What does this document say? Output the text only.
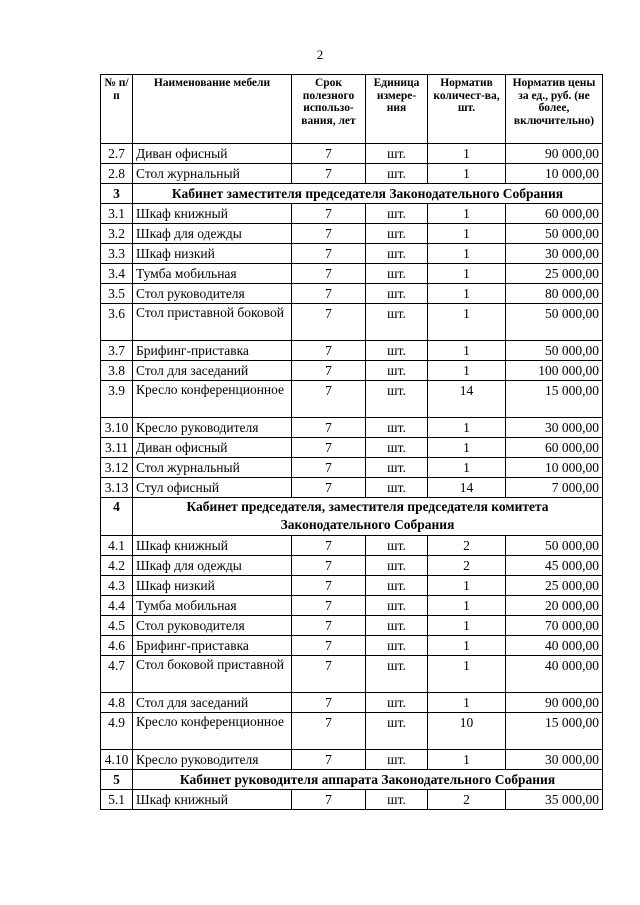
2
№ п/п	Наименование мебели	Срок полезного использо-вания, лет	Единица измере-ния	Норматив количест-ва, шт.	Норматив цены за ед., руб. (не более, включительно)
2.7	Диван офисный	7	шт.	1	90 000,00
2.8	Стол журнальный	7	шт.	1	10 000,00
3	Кабинет заместителя председателя Законодательного Собрания				
3.1	Шкаф книжный	7	шт.	1	60 000,00
3.2	Шкаф для одежды	7	шт.	1	50 000,00
3.3	Шкаф низкий	7	шт.	1	30 000,00
3.4	Тумба мобильная	7	шт.	1	25 000,00
3.5	Стол руководителя	7	шт.	1	80 000,00
3.6	Стол приставной боковой	7	шт.	1	50 000,00
3.7	Брифинг-приставка	7	шт.	1	50 000,00
3.8	Стол для заседаний	7	шт.	1	100 000,00
3.9	Кресло конференционное	7	шт.	14	15 000,00
3.10	Кресло руководителя	7	шт.	1	30 000,00
3.11	Диван офисный	7	шт.	1	60 000,00
3.12	Стол журнальный	7	шт.	1	10 000,00
3.13	Стул офисный	7	шт.	14	7 000,00
4	Кабинет председателя, заместителя председателя комитета Законодательного Собрания				
4.1	Шкаф книжный	7	шт.	2	50 000,00
4.2	Шкаф для одежды	7	шт.	2	45 000,00
4.3	Шкаф низкий	7	шт.	1	25 000,00
4.4	Тумба мобильная	7	шт.	1	20 000,00
4.5	Стол руководителя	7	шт.	1	70 000,00
4.6	Брифинг-приставка	7	шт.	1	40 000,00
4.7	Стол боковой приставной	7	шт.	1	40 000,00
4.8	Стол для заседаний	7	шт.	1	90 000,00
4.9	Кресло конференционное	7	шт.	10	15 000,00
4.10	Кресло руководителя	7	шт.	1	30 000,00
5	Кабинет руководителя аппарата Законодательного Собрания				
5.1	Шкаф книжный	7	шт.	2	35 000,00
